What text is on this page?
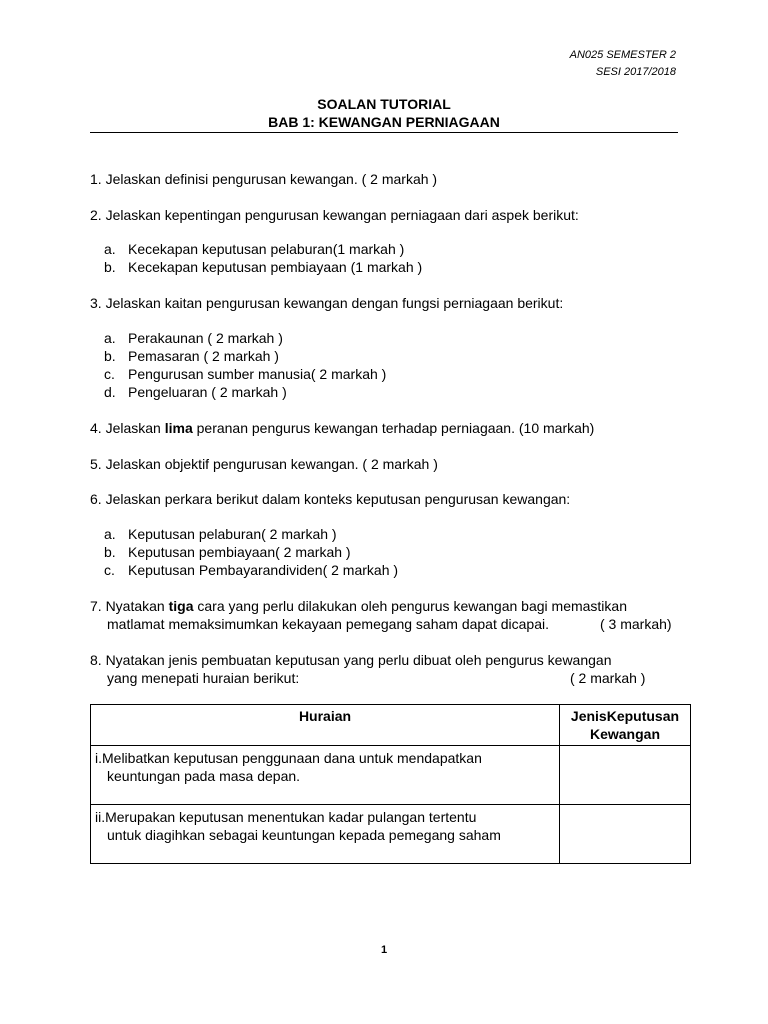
AN025 SEMESTER 2
SESI 2017/2018
SOALAN TUTORIAL
BAB 1: KEWANGAN PERNIAGAAN
1. Jelaskan definisi pengurusan kewangan. ( 2 markah )
2. Jelaskan kepentingan pengurusan kewangan perniagaan dari aspek berikut:
a. Kecekapan keputusan pelaburan(1 markah )
b. Kecekapan keputusan pembiayaan (1 markah )
3. Jelaskan kaitan pengurusan kewangan dengan fungsi perniagaan berikut:
a. Perakaunan ( 2 markah )
b. Pemasaran ( 2 markah )
c. Pengurusan sumber manusia( 2 markah )
d. Pengeluaran ( 2 markah )
4. Jelaskan lima peranan pengurus kewangan terhadap perniagaan. (10 markah)
5. Jelaskan objektif pengurusan kewangan. ( 2 markah )
6. Jelaskan perkara berikut dalam konteks keputusan pengurusan kewangan:
a. Keputusan pelaburan( 2 markah )
b. Keputusan pembiayaan( 2 markah )
c. Keputusan Pembayarandividen( 2 markah )
7. Nyatakan tiga cara yang perlu dilakukan oleh pengurus kewangan bagi memastikan
matlamat memaksimumkan kekayaan pemegang saham dapat dicapai.	( 3 markah)
8. Nyatakan jenis pembuatan keputusan yang perlu dibuat oleh pengurus kewangan
yang menepati huraian berikut:	( 2 markah )
Huraian	JenisKeputusan
Kewangan
i.Melibatkan keputusan penggunaan dana untuk mendapatkan
keuntungan pada masa depan.	

ii.Merupakan keputusan menentukan kadar pulangan tertentu
untuk diagihkan sebagai keuntungan kepada pemegang saham	

1
